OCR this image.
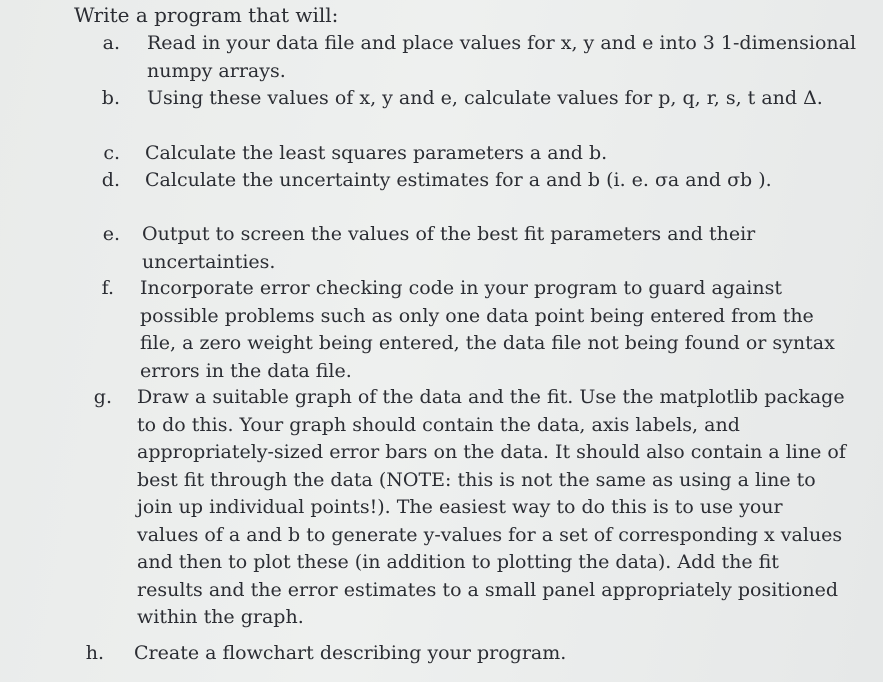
Write a program that will:
a. Read in your data file and place values for x, y and e into 3 1-dimensional
numpy arrays.
b. Using these values of x, y and e, calculate values for p, q, r, s, t and Δ.
c. Calculate the least squares parameters a and b.
d. Calculate the uncertainty estimates for a and b (i. e. σa and σb ).
e. Output to screen the values of the best fit parameters and their
uncertainties.
f. Incorporate error checking code in your program to guard against
possible problems such as only one data point being entered from the
file, a zero weight being entered, the data file not being found or syntax
errors in the data file.
g. Draw a suitable graph of the data and the fit. Use the matplotlib package
to do this. Your graph should contain the data, axis labels, and
appropriately-sized error bars on the data. It should also contain a line of
best fit through the data (NOTE: this is not the same as using a line to
join up individual points!). The easiest way to do this is to use your
values of a and b to generate y-values for a set of corresponding x values
and then to plot these (in addition to plotting the data). Add the fit
results and the error estimates to a small panel appropriately positioned
within the graph.
h. Create a flowchart describing your program.
